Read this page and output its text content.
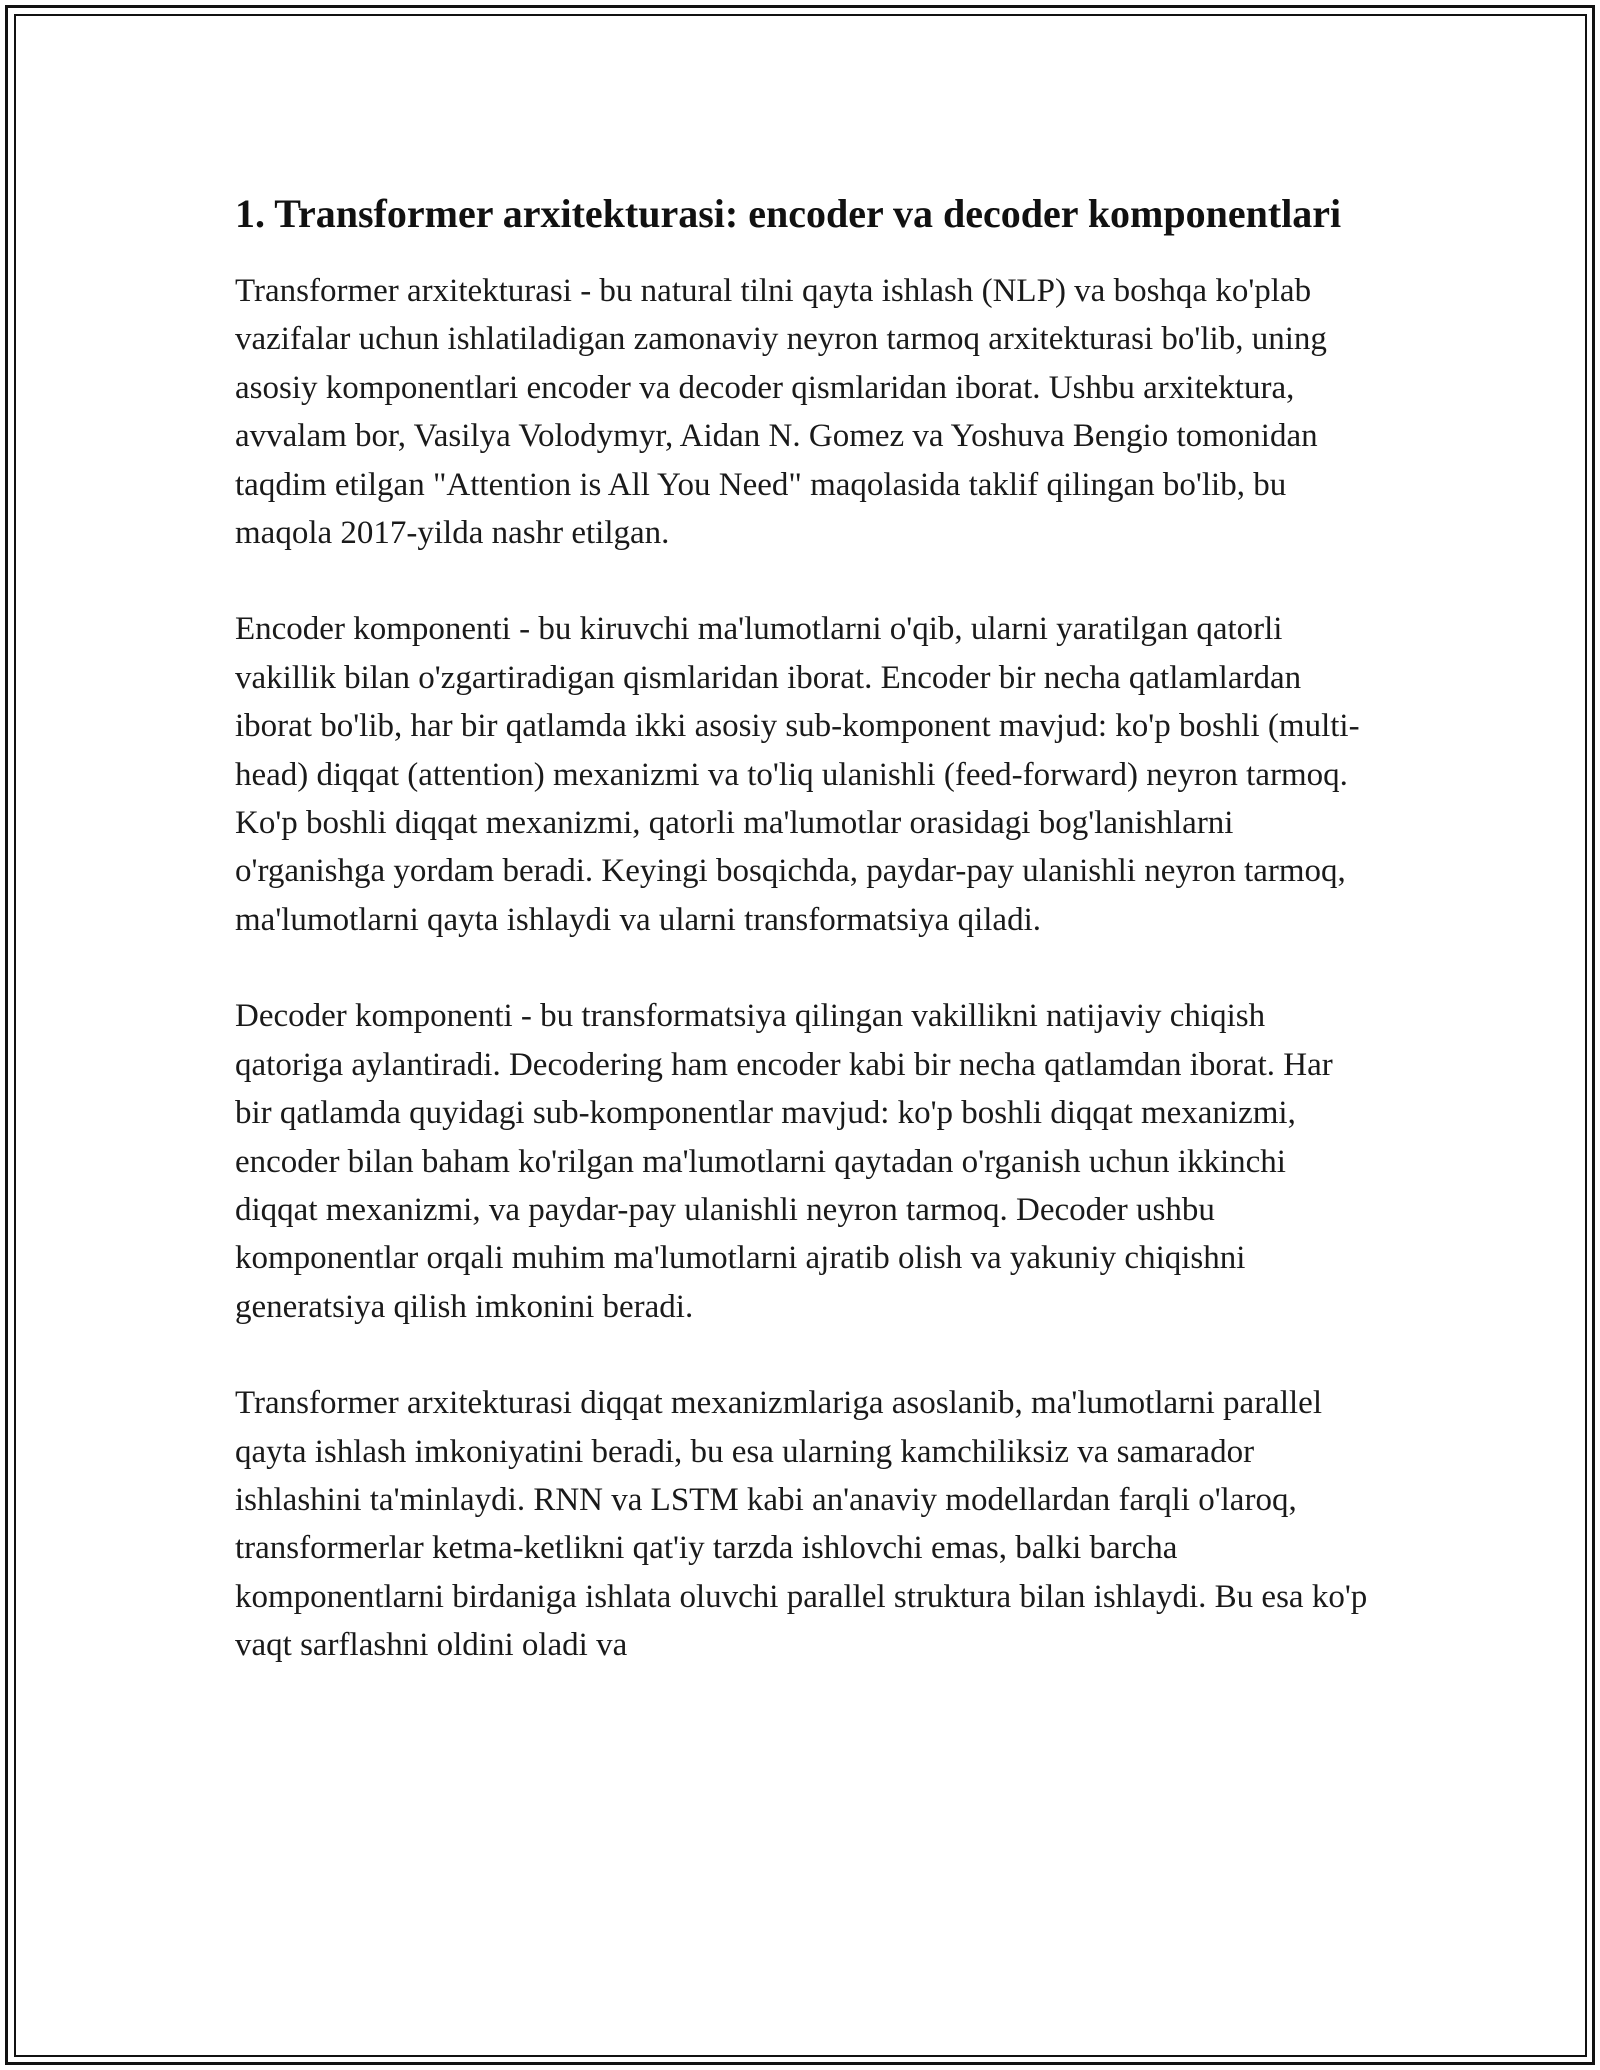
1. Transformer arxitekturasi: encoder va decoder komponentlari

Transformer arxitekturasi - bu natural tilni qayta ishlash (NLP) va boshqa ko'plab vazifalar uchun ishlatiladigan zamonaviy neyron tarmoq arxitekturasi bo'lib, uning asosiy komponentlari encoder va decoder qismlaridan iborat. Ushbu arxitektura, avvalam bor, Vasilya Volodymyr, Aidan N. Gomez va Yoshuva Bengio tomonidan taqdim etilgan "Attention is All You Need" maqolasida taklif qilingan bo'lib, bu maqola 2017-yilda nashr etilgan.

Encoder komponenti - bu kiruvchi ma'lumotlarni o'qib, ularni yaratilgan qatorli vakillik bilan o'zgartiradigan qismlaridan iborat. Encoder bir necha qatlamlardan iborat bo'lib, har bir qatlamda ikki asosiy sub-komponent mavjud: ko'p boshli (multi-head) diqqat (attention) mexanizmi va to'liq ulanishli (feed-forward) neyron tarmoq. Ko'p boshli diqqat mexanizmi, qatorli ma'lumotlar orasidagi bog'lanishlarni o'rganishga yordam beradi. Keyingi bosqichda, paydar-pay ulanishli neyron tarmoq, ma'lumotlarni qayta ishlaydi va ularni transformatsiya qiladi.

Decoder komponenti - bu transformatsiya qilingan vakillikni natijaviy chiqish qatoriga aylantiradi. Decodering ham encoder kabi bir necha qatlamdan iborat. Har bir qatlamda quyidagi sub-komponentlar mavjud: ko'p boshli diqqat mexanizmi, encoder bilan baham ko'rilgan ma'lumotlarni qaytadan o'rganish uchun ikkinchi diqqat mexanizmi, va paydar-pay ulanishli neyron tarmoq. Decoder ushbu komponentlar orqali muhim ma'lumotlarni ajratib olish va yakuniy chiqishni generatsiya qilish imkonini beradi.

Transformer arxitekturasi diqqat mexanizmlariga asoslanib, ma'lumotlarni parallel qayta ishlash imkoniyatini beradi, bu esa ularning kamchiliksiz va samarador ishlashini ta'minlaydi. RNN va LSTM kabi an'anaviy modellardan farqli o'laroq, transformerlar ketma-ketlikni qat'iy tarzda ishlovchi emas, balki barcha komponentlarni birdaniga ishlata oluvchi parallel struktura bilan ishlaydi. Bu esa ko'p vaqt sarflashni oldini oladi va
